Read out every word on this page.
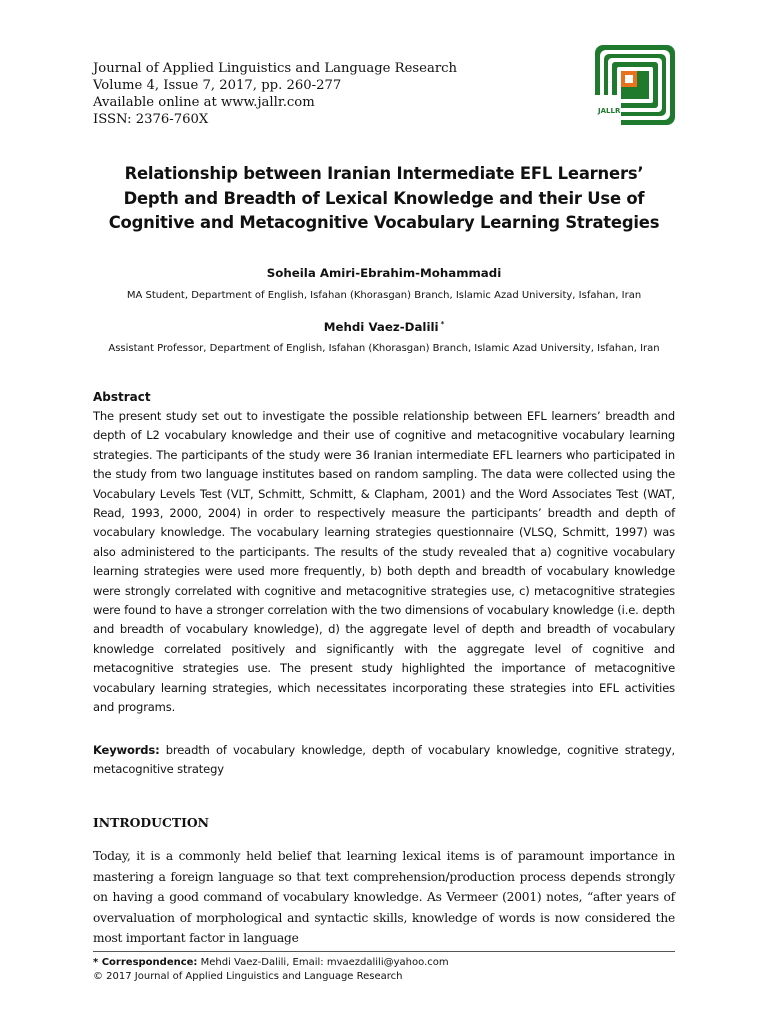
Journal of Applied Linguistics and Language Research
Volume 4, Issue 7, 2017, pp. 260-277
Available online at www.jallr.com
ISSN: 2376-760X
JALLR
Relationship between Iranian Intermediate EFL Learners’
Depth and Breadth of Lexical Knowledge and their Use of
Cognitive and Metacognitive Vocabulary Learning Strategies
Soheila Amiri-Ebrahim-Mohammadi
MA Student, Department of English, Isfahan (Khorasgan) Branch, Islamic Azad University, Isfahan, Iran
Mehdi Vaez-Dalili *
Assistant Professor, Department of English, Isfahan (Khorasgan) Branch, Islamic Azad University, Isfahan, Iran
Abstract
The present study set out to investigate the possible relationship between EFL learners’ breadth and depth of L2 vocabulary knowledge and their use of cognitive and metacognitive vocabulary learning strategies. The participants of the study were 36 Iranian intermediate EFL learners who participated in the study from two language institutes based on random sampling. The data were collected using the Vocabulary Levels Test (VLT, Schmitt, Schmitt, & Clapham, 2001) and the Word Associates Test (WAT, Read, 1993, 2000, 2004) in order to respectively measure the participants’ breadth and depth of vocabulary knowledge. The vocabulary learning strategies questionnaire (VLSQ, Schmitt, 1997) was also administered to the participants. The results of the study revealed that a) cognitive vocabulary learning strategies were used more frequently, b) both depth and breadth of vocabulary knowledge were strongly correlated with cognitive and metacognitive strategies use, c) metacognitive strategies were found to have a stronger correlation with the two dimensions of vocabulary knowledge (i.e. depth and breadth of vocabulary knowledge), d) the aggregate level of depth and breadth of vocabulary knowledge correlated positively and significantly with the aggregate level of cognitive and metacognitive strategies use. The present study highlighted the importance of metacognitive vocabulary learning strategies, which necessitates incorporating these strategies into EFL activities and programs.
Keywords: breadth of vocabulary knowledge, depth of vocabulary knowledge, cognitive strategy, metacognitive strategy
INTRODUCTION
Today, it is a commonly held belief that learning lexical items is of paramount importance in mastering a foreign language so that text comprehension/production process depends strongly on having a good command of vocabulary knowledge. As Vermeer (2001) notes, “after years of overvaluation of morphological and syntactic skills, knowledge of words is now considered the most important factor in language
* Correspondence: Mehdi Vaez-Dalili, Email: mvaezdalili@yahoo.com
© 2017 Journal of Applied Linguistics and Language Research
